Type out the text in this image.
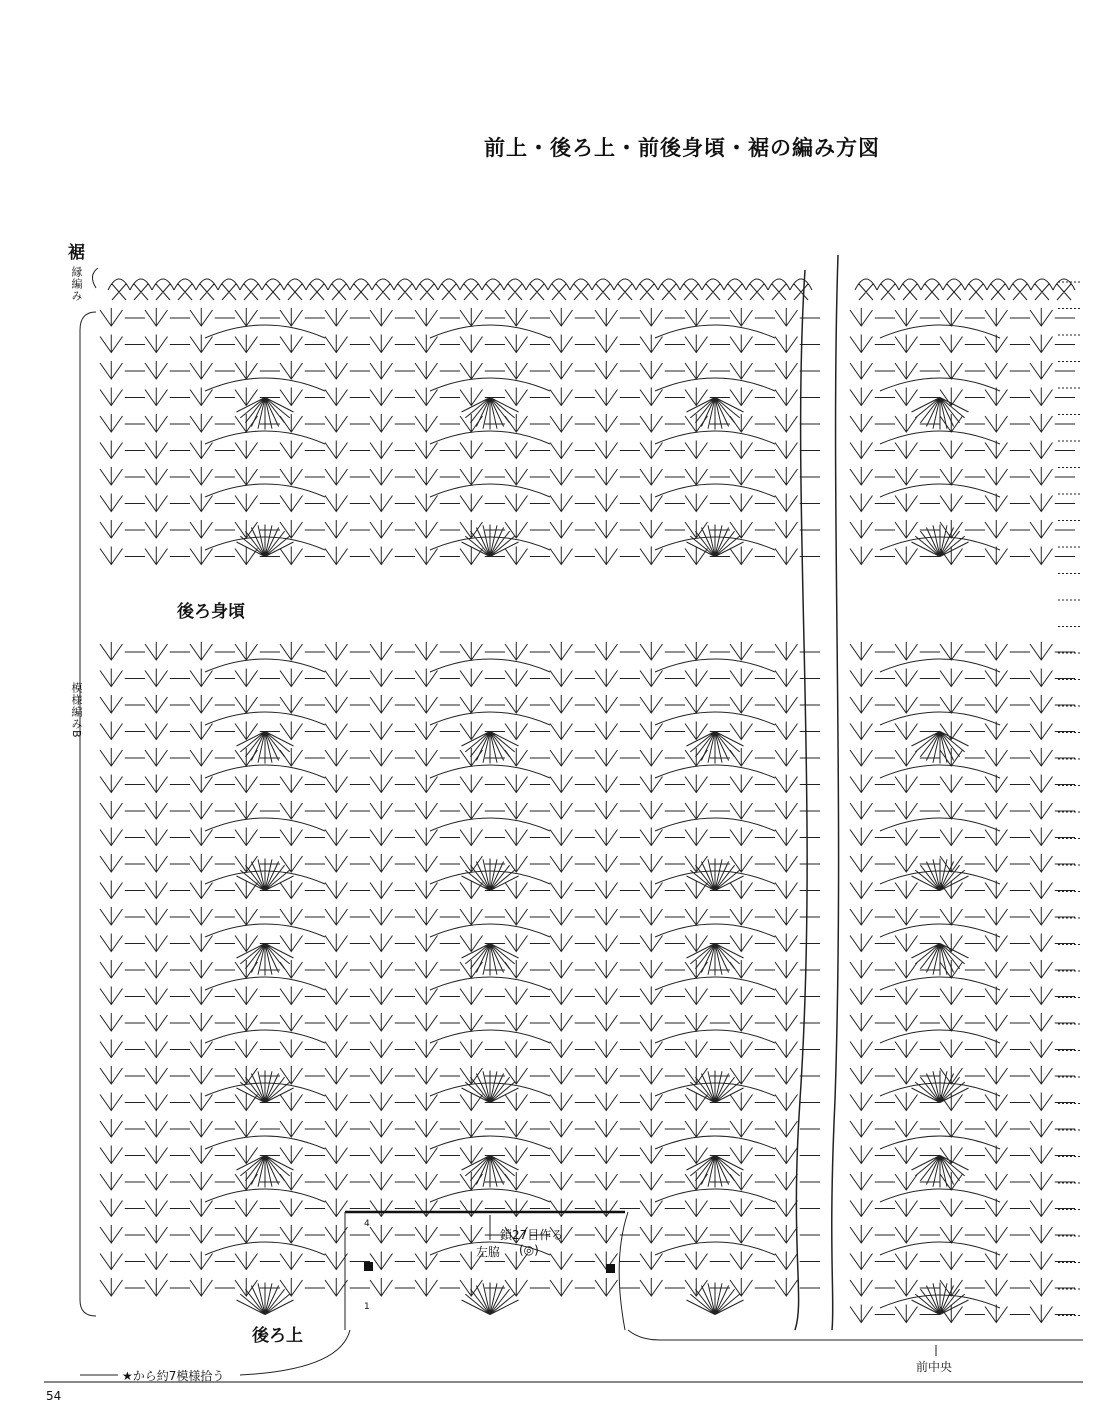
前上・後ろ上・前後身頃・裾の編み方図
裾
縁編み
模様編みB
後ろ身頃
後ろ上
左脇
鎖27目作る
(◎)
前中央
★から約7模様拾う
4
1
54
